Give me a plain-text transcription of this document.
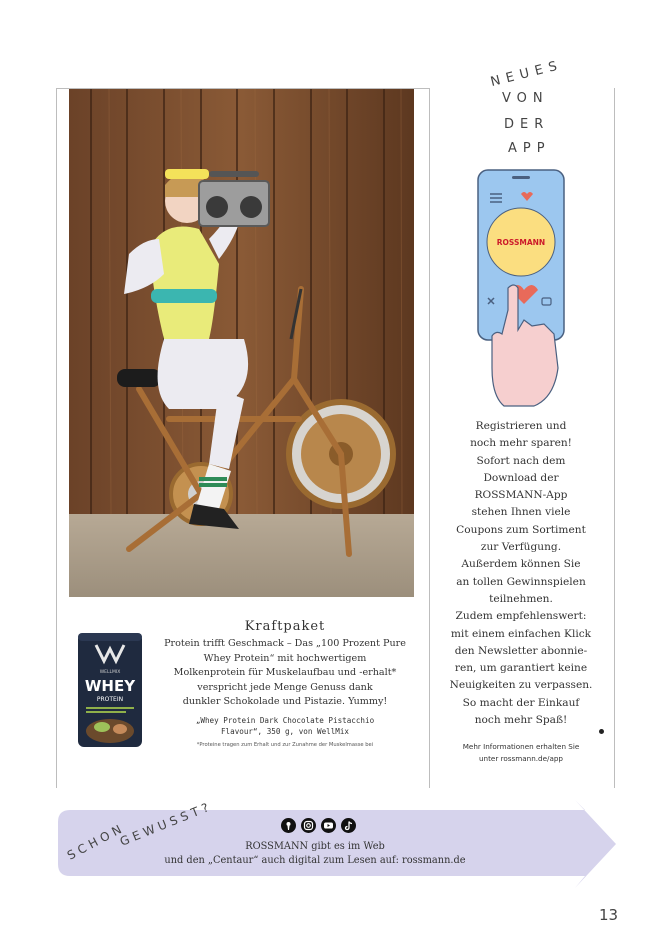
WELLMIX
WHEY
PROTEIN
Kraftpaket

Protein trifft Geschmack – Das „100 Prozent Pure

Whey Protein“ mit hochwertigem

Molkenprotein für Muskelaufbau und -erhalt*

verspricht jede Menge Genuss dank

dunkler Schokolade und Pistazie. Yummy!

„Whey Protein Dark Chocolate Pistacchio
Flavour“, 350 g, von WellMix
*Proteine tragen zum Erhalt und zur Zunahme der Muskelmasse bei
NEUES
VON
DER
APP
ROSSMANN

Registrieren und

noch mehr sparen!

Sofort nach dem

Download der

ROSSMANN-App

stehen Ihnen viele

Coupons zum Sortiment

zur Verfügung.

Außerdem können Sie

an tollen Gewinnspielen

teilnehmen.

Zudem empfehlenswert:

mit einem einfachen Klick

den Newsletter abonnie-

ren, um garantiert keine

Neuigkeiten zu verpassen.

So macht der Einkauf

noch mehr Spaß!

Mehr Informationen erhalten Sie
unter rossmann.de/app
SCHON
GEWUSST?	ROSSMANN gibt es im Web

und den „Centaur“ auch digital zum Lesen auf: rossmann.de

13
